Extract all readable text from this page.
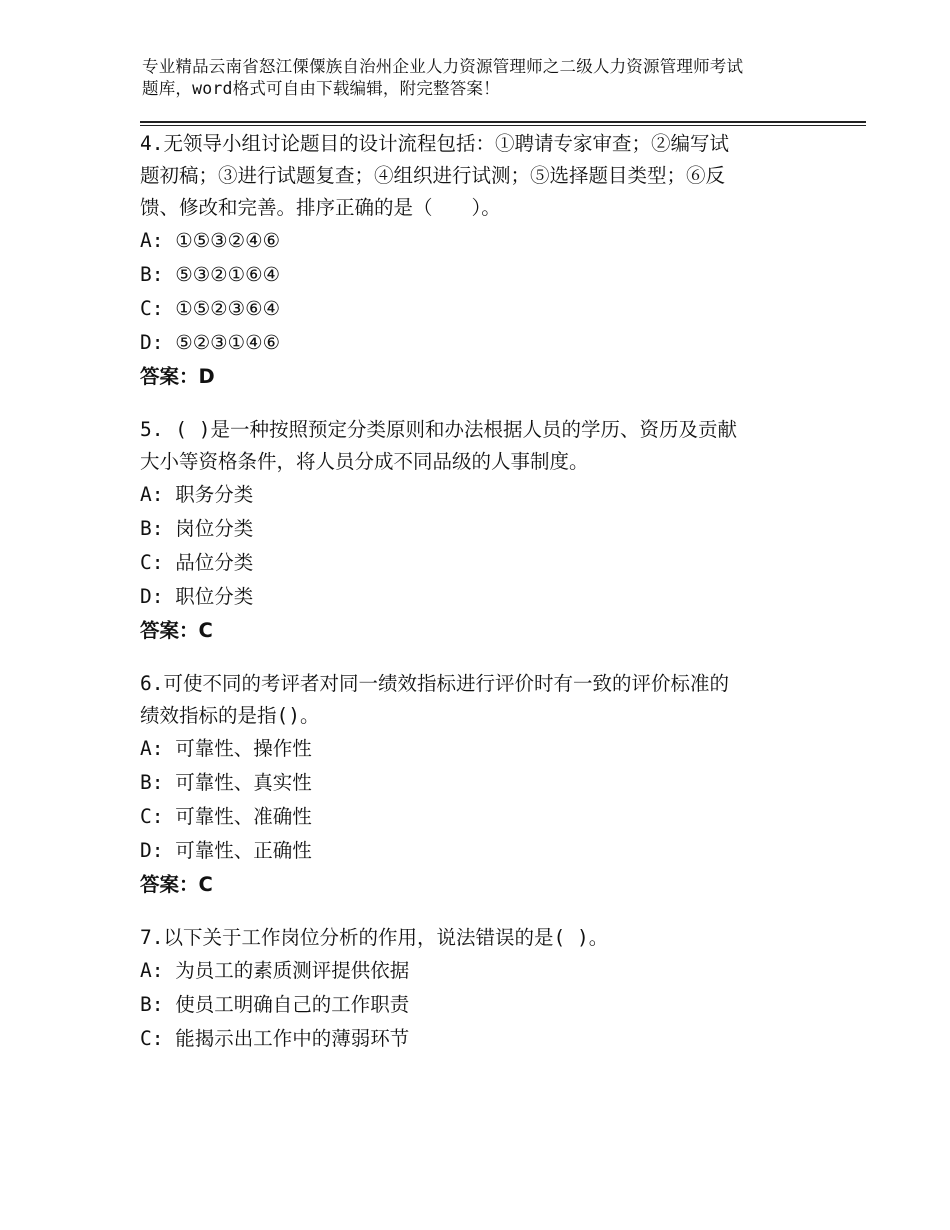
专业精品云南省怒江傈僳族自治州企业人力资源管理师之二级人力资源管理师考试
题库，word格式可自由下载编辑，附完整答案！
4.无领导小组讨论题目的设计流程包括：①聘请专家审查；②编写试
题初稿；③进行试题复查；④组织进行试测；⑤选择题目类型；⑥反
馈、修改和完善。排序正确的是（　　）。
A: ①⑤③②④⑥
B: ⑤③②①⑥④
C: ①⑤②③⑥④
D: ⑤②③①④⑥
答案：D
5. ( )是一种按照预定分类原则和办法根据人员的学历、资历及贡献
大小等资格条件，将人员分成不同品级的人事制度。
A: 职务分类
B: 岗位分类
C: 品位分类
D: 职位分类
答案：C
6.可使不同的考评者对同一绩效指标进行评价时有一致的评价标准的
绩效指标的是指()。
A: 可靠性、操作性
B: 可靠性、真实性
C: 可靠性、准确性
D: 可靠性、正确性
答案：C
7.以下关于工作岗位分析的作用，说法错误的是( )。
A: 为员工的素质测评提供依据
B: 使员工明确自己的工作职责
C: 能揭示出工作中的薄弱环节
